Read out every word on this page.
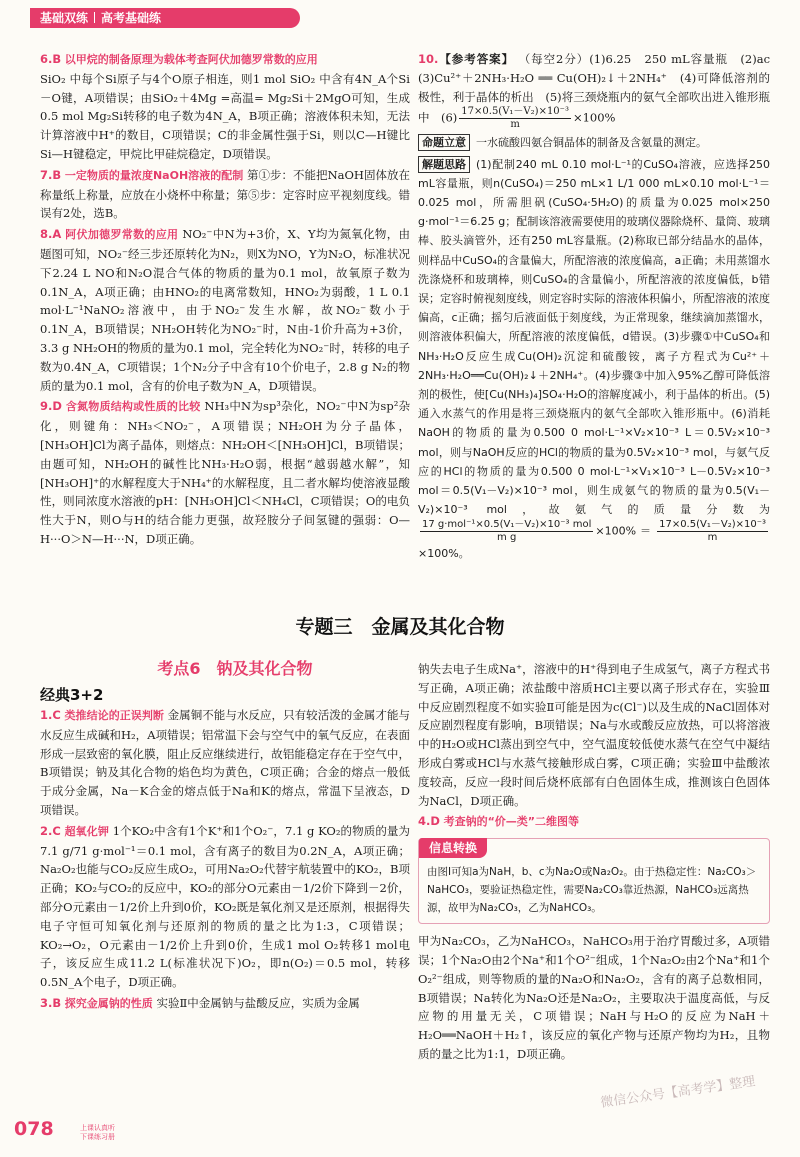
基础双练 高考基础练

6.B 以甲烷的制备原理为载体考查阿伏加德罗常数的应用
SiO₂ 中每个Si原子与4个O原子相连，则1 mol SiO₂ 中含有4N_A个Si－O键，A项错误；由SiO₂＋4Mg =高温= Mg₂Si＋2MgO可知，生成0.5 mol Mg₂Si转移的电子数为4N_A，B项正确；溶液体积未知，无法计算溶液中H⁺的数目，C项错误；C的非金属性强于Si，则以C—H键比Si—H键稳定，甲烷比甲硅烷稳定，D项错误。

7.B 一定物质的量浓度NaOH溶液的配制 第①步：不能把NaOH固体放在称量纸上称量，应放在小烧杯中称量；第⑤步：定容时应平视刻度线。错误有2处，选B。

8.A 阿伏加德罗常数的应用 NO₂⁻中N为+3价，X、Y均为氮氧化物，由题图可知，NO₂⁻经三步还原转化为N₂，则X为NO，Y为N₂O，标准状况下2.24 L NO和N₂O混合气体的物质的量为0.1 mol，故氧原子数为0.1N_A，A项正确；由HNO₂的电离常数知，HNO₂为弱酸，1 L 0.1 mol·L⁻¹NaNO₂溶液中，由于NO₂⁻发生水解，故NO₂⁻数小于0.1N_A，B项错误；NH₂OH转化为NO₂⁻时，N由-1价升高为+3价，3.3 g NH₂OH的物质的量为0.1 mol，完全转化为NO₂⁻时，转移的电子数为0.4N_A，C项错误；1个N₂分子中含有10个价电子，2.8 g N₂的物质的量为0.1 mol，含有的价电子数为N_A，D项错误。

9.D 含氮物质结构或性质的比较 NH₃中N为sp³杂化，NO₂⁻中N为sp²杂化，则键角：NH₃＜NO₂⁻，A项错误；NH₂OH为分子晶体，[NH₃OH]Cl为离子晶体，则熔点：NH₂OH＜[NH₃OH]Cl，B项错误；由题可知，NH₂OH的碱性比NH₃·H₂O弱，根据“越弱越水解”，知[NH₃OH]⁺的水解程度大于NH₄⁺的水解程度，且二者水解均使溶液显酸性，则同浓度水溶液的pH：[NH₃OH]Cl＜NH₄Cl，C项错误；O的电负性大于N，则O与H的结合能力更强，故羟胺分子间氢键的强弱：O—H···O＞N—H···N，D项正确。

10.【参考答案】 （每空2分）(1)6.25　250 mL容量瓶　(2)ac　(3)Cu²⁺＋2NH₃·H₂O ══ Cu(OH)₂↓＋2NH₄⁺　(4)可降低溶剂的极性，利于晶体的析出　(5)将三颈烧瓶内的氨气全部吹出进入锥形瓶中　$(6) \frac{\text{17×0.5(V₁－V₂)×10⁻³}}{m} \times 100\%$

命题立意 一水硫酸四氨合铜晶体的制备及含氨量的测定。

解题思路 (1)配制240 mL 0.10 mol·L⁻¹的CuSO₄溶液，应选择250 mL容量瓶，则n(CuSO₄)＝250 mL×1 L/1 000 mL×0.10 mol·L⁻¹＝0.025 mol，所需胆矾(CuSO₄·5H₂O)的质量为0.025 mol×250 g·mol⁻¹＝6.25 g；配制该溶液需要使用的玻璃仪器除烧杯、量筒、玻璃棒、胶头滴管外，还有250 mL容量瓶。(2)称取已部分结晶水的晶体，则样品中CuSO₄的含量偏大，所配溶液的浓度偏高，a正确；未用蒸馏水洗涤烧杯和玻璃棒，则CuSO₄的含量偏小，所配溶液的浓度偏低，b错误；定容时俯视刻度线，则定容时实际的溶液体积偏小，所配溶液的浓度偏高，c正确；摇匀后液面低于刻度线，为正常现象，继续滴加蒸馏水，则溶液体积偏大，所配溶液的浓度偏低，d错误。(3)步骤①中CuSO₄和NH₃·H₂O反应生成Cu(OH)₂沉淀和硫酸铵，离子方程式为Cu²⁺＋2NH₃·H₂O══Cu(OH)₂↓＋2NH₄⁺。(4)步骤③中加入95%乙醇可降低溶剂的极性，使[Cu(NH₃)₄]SO₄·H₂O的溶解度减小，利于晶体的析出。(5)通入水蒸气的作用是将三颈烧瓶内的氨气全部吹入锥形瓶中。(6)消耗NaOH的物质的量为0.500 0 mol·L⁻¹×V₂×10⁻³ L＝0.5V₂×10⁻³ mol，则与NaOH反应的HCl的物质的量为0.5V₂×10⁻³ mol，与氨气反应的HCl的物质的量为0.500 0 mol·L⁻¹×V₁×10⁻³ L－0.5V₂×10⁻³ mol＝0.5(V₁－V₂)×10⁻³ mol，则生成氨气的物质的量为0.5(V₁－V₂)×10⁻³ mol，故氨气的质量分数为
$\frac{\text{17 g·mol⁻¹×0.5(V₁－V₂)×10⁻³ mol}}{\text{m g}} \times 100\%= \frac{\text{17×0.5(V₁－V₂)×10⁻³}}{m}$
×100%。

专题三　金属及其化合物
考点6　钠及其化合物
经典3+2

1.C 类推结论的正误判断 金属铜不能与水反应，只有较活泼的金属才能与水反应生成碱和H₂，A项错误；铝常温下会与空气中的氧气反应，在表面形成一层致密的氧化膜，阻止反应继续进行，故铝能稳定存在于空气中，B项错误；钠及其化合物的焰色均为黄色，C项正确；合金的熔点一般低于成分金属，Na－K合金的熔点低于Na和K的熔点，常温下呈液态，D项错误。

2.C 超氧化钾 1个KO₂中含有1个K⁺和1个O₂⁻，7.1 g KO₂的物质的量为7.1 g/71 g·mol⁻¹＝0.1 mol，含有离子的数目为0.2N_A，A项正确；Na₂O₂也能与CO₂反应生成O₂，可用Na₂O₂代替宇航装置中的KO₂，B项正确；KO₂与CO₂的反应中，KO₂的部分O元素由－1/2价下降到－2价，部分O元素由－1/2价上升到0价，KO₂既是氧化剂又是还原剂，根据得失电子守恒可知氧化剂与还原剂的物质的量之比为1:3，C项错误；KO₂→O₂，O元素由－1/2价上升到0价，生成1 mol O₂转移1 mol电子，该反应生成11.2 L(标准状况下)O₂，即n(O₂)＝0.5 mol，转移0.5N_A个电子，D项正确。

3.B 探究金属钠的性质 实验Ⅱ中金属钠与盐酸反应，实质为金属

钠失去电子生成Na⁺，溶液中的H⁺得到电子生成氢气，离子方程式书写正确，A项正确；浓盐酸中溶质HCl主要以离子形式存在，实验Ⅲ中反应剧烈程度不如实验Ⅱ可能是因为c(Cl⁻)以及生成的NaCl固体对反应剧烈程度有影响，B项错误；Na与水或酸反应放热，可以将溶液中的H₂O或HCl蒸出到空气中，空气温度较低使水蒸气在空气中凝结形成白雾或HCl与水蒸气接触形成白雾，C项正确；实验Ⅲ中盐酸浓度较高，反应一段时间后烧杯底部有白色固体生成，推测该白色固体为NaCl，D项正确。

4.D 考查钠的“价—类”二维图等

信息转换
由图Ⅰ可知a为NaH，b、c为Na₂O或Na₂O₂。由于热稳定性：Na₂CO₃＞NaHCO₃，要验证热稳定性，需要Na₂CO₃靠近热源，NaHCO₃远离热源，故甲为Na₂CO₃，乙为NaHCO₃。

甲为Na₂CO₃，乙为NaHCO₃，NaHCO₃用于治疗胃酸过多，A项错误；1个Na₂O由2个Na⁺和1个O²⁻组成，1个Na₂O₂由2个Na⁺和1个O₂²⁻组成，则等物质的量的Na₂O和Na₂O₂，含有的离子总数相同，B项错误；Na转化为Na₂O还是Na₂O₂，主要取决于温度高低，与反应物的用量无关，C项错误；NaH与H₂O的反应为NaH＋H₂O══NaOH＋H₂↑，该反应的氧化产物与还原产物均为H₂，且物质的量之比为1:1，D项正确。

078	上课认真听 下课练习册
微信公众号【高考学】整理
